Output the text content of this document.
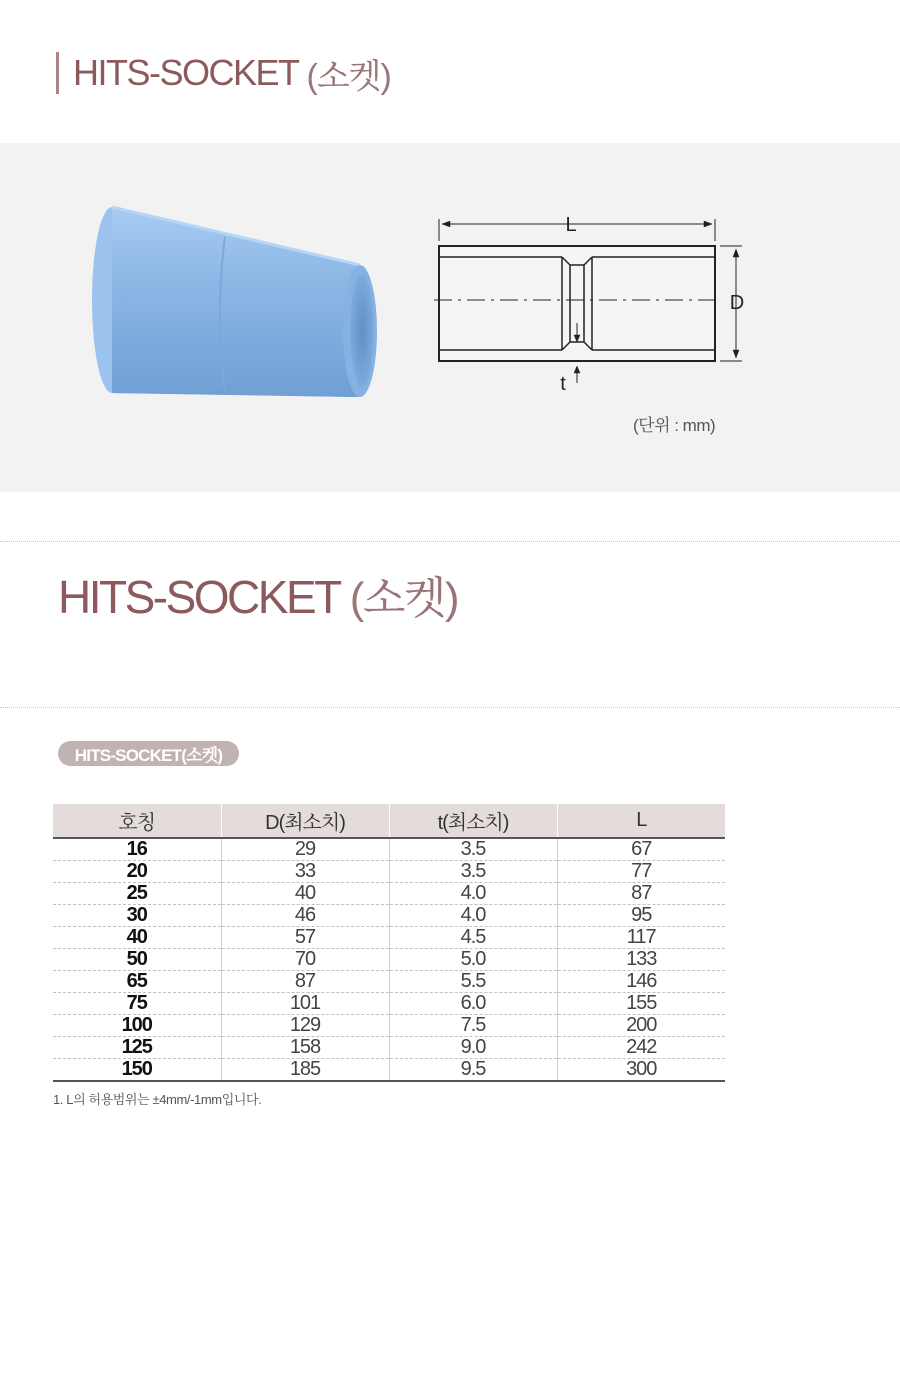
HITS-SOCKET (소켓)
L
D
t
(단위 : mm)
HITS-SOCKET (소켓)
HITS-SOCKET(소켓)
호칭	D(최소치)	t(최소치)	L
16	29	3.5	67
20	33	3.5	77
25	40	4.0	87
30	46	4.0	95
40	57	4.5	117
50	70	5.0	133
65	87	5.5	146
75	101	6.0	155
100	129	7.5	200
125	158	9.0	242
150	185	9.5	300
1. L의 허용범위는 ±4mm/-1mm입니다.
